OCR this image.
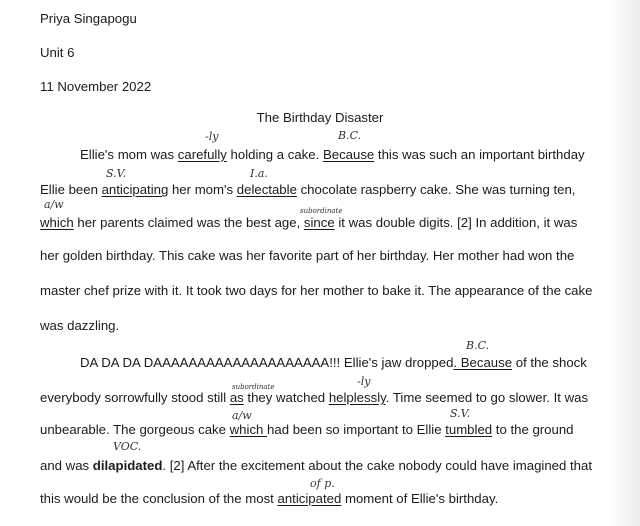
Priya Singapogu
Unit 6
11 November 2022
The Birthday Disaster
Ellie's mom was carefully holding a cake. Because this was such an important birthday
Ellie been anticipating her mom's delectable chocolate raspberry cake. She was turning ten,
which her parents claimed was the best age, since it was double digits. [2] In addition, it was
her golden birthday. This cake was her favorite part of her birthday. Her mother had won the
master chef prize with it. It took two days for her mother to bake it. The appearance of the cake
was dazzling.
DA DA DA DAAAAAAAAAAAAAAAAAAAA!!! Ellie's jaw dropped. Because of the shock
everybody sorrowfully stood still as they watched helplessly. Time seemed to go slower. It was
unbearable. The gorgeous cake which had been so important to Ellie tumbled to the ground
and was dilapidated. [2] After the excitement about the cake nobody could have imagined that
this would be the conclusion of the most anticipated moment of Ellie's birthday.
-ly	B.C.
S.V.	I.a.
a/w	subordinate
B.C.
subordinate	-ly
a/w	S.V.
VOC.
of p.
